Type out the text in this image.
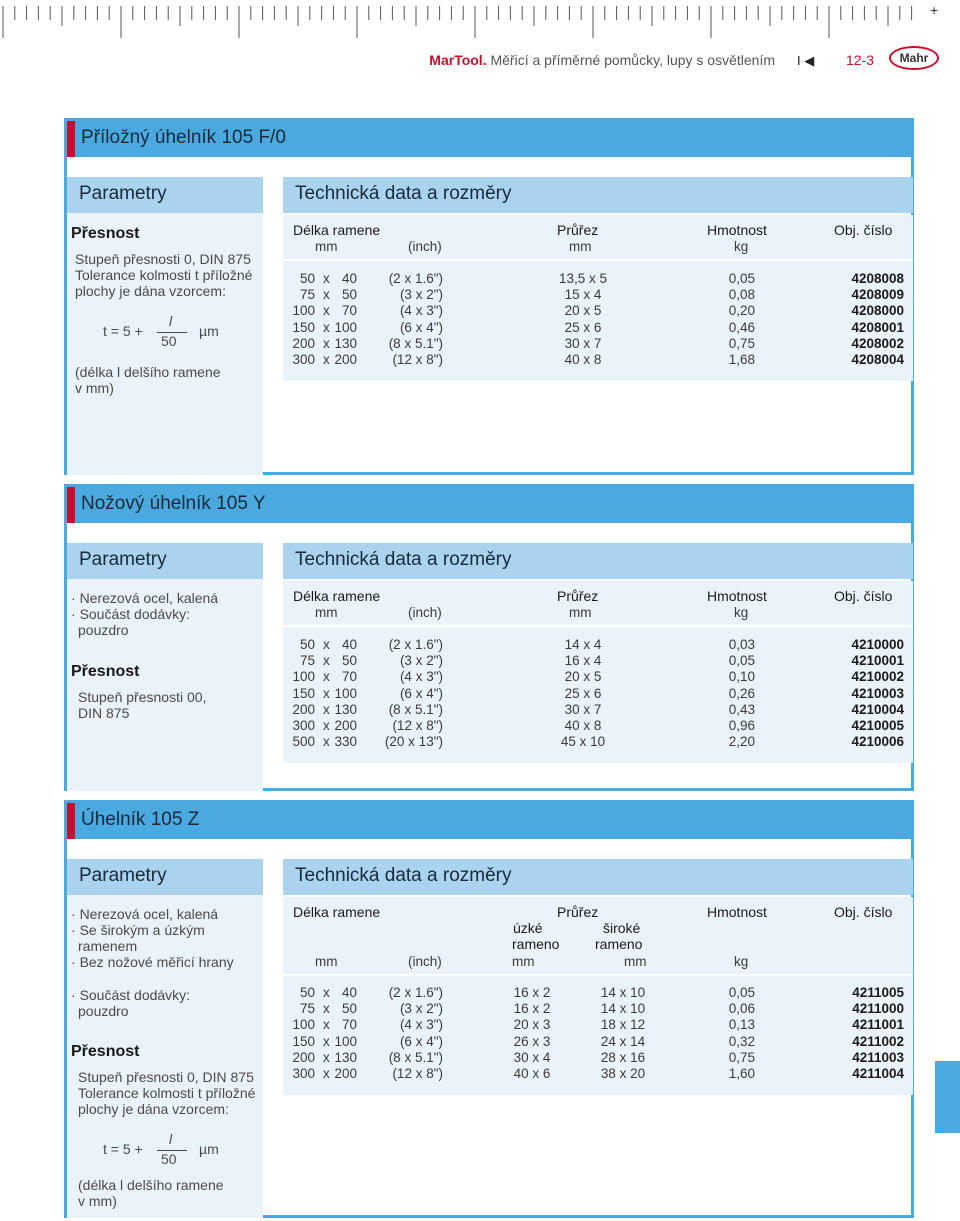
+
MarTool. Měřicí a příměrné pomůcky, lupy s osvětlením I ◀ 12-3	Mahr
Příložný úhelník 105 F/0
Parametry	Technická data a rozměry
Přesnost
Stupeň přesnosti 0, DIN 875
Tolerance kolmosti t příložné
plochy je dána vzorcem:
t = 5 +
l
50
µm
(délka l delšího ramene
v mm)
Délka ramene	Průřez	Hmotnost	Obj. číslo
mm	(inch)	mm	kg
50 x 40	(2 x 1.6")	13,5 x 5	0,05	4208008
75 x 50	(3 x 2")	15 x 4	0,08	4208009
100 x 70	(4 x 3")	20 x 5	0,20	4208000
150 x 100	(6 x 4")	25 x 6	0,46	4208001
200 x 130	(8 x 5.1")	30 x 7	0,75	4208002
300 x 200	(12 x 8")	40 x 8	1,68	4208004
Nožový úhelník 105 Y
Parametry	Technická data a rozměry
· Nerezová ocel, kalená
· Součást dodávky:
pouzdro
Přesnost
Stupeň přesnosti 00,
DIN 875
Délka ramene	Průřez	Hmotnost	Obj. číslo
mm	(inch)	mm	kg
50 x 40	(2 x 1.6")	14 x 4	0,03	4210000
75 x 50	(3 x 2")	16 x 4	0,05	4210001
100 x 70	(4 x 3")	20 x 5	0,10	4210002
150 x 100	(6 x 4")	25 x 6	0,26	4210003
200 x 130	(8 x 5.1")	30 x 7	0,43	4210004
300 x 200	(12 x 8")	40 x 8	0,96	4210005
500 x 330	(20 x 13")	45 x 10	2,20	4210006
Úhelník 105 Z
Parametry	Technická data a rozměry
· Nerezová ocel, kalená
· Se širokým a úzkým
ramenem
· Bez nožové měřicí hrany
· Součást dodávky:
pouzdro
Přesnost
Stupeň přesnosti 0, DIN 875
Tolerance kolmosti t příložné
plochy je dána vzorcem:
t = 5 +
l
50
µm
(délka l delšího ramene
v mm)
Délka ramene	Průřez	Hmotnost	Obj. číslo
úzké
rameno
široké
rameno
mm	(inch)	mm	mm	kg
50 x 40	(2 x 1.6")	16 x 2	14 x 10	0,05	4211005
75 x 50	(3 x 2")	16 x 2	14 x 10	0,06	4211000
100 x 70	(4 x 3")	20 x 3	18 x 12	0,13	4211001
150 x 100	(6 x 4")	26 x 3	24 x 14	0,32	4211002
200 x 130	(8 x 5.1")	30 x 4	28 x 16	0,75	4211003
300 x 200	(12 x 8")	40 x 6	38 x 20	1,60	4211004
